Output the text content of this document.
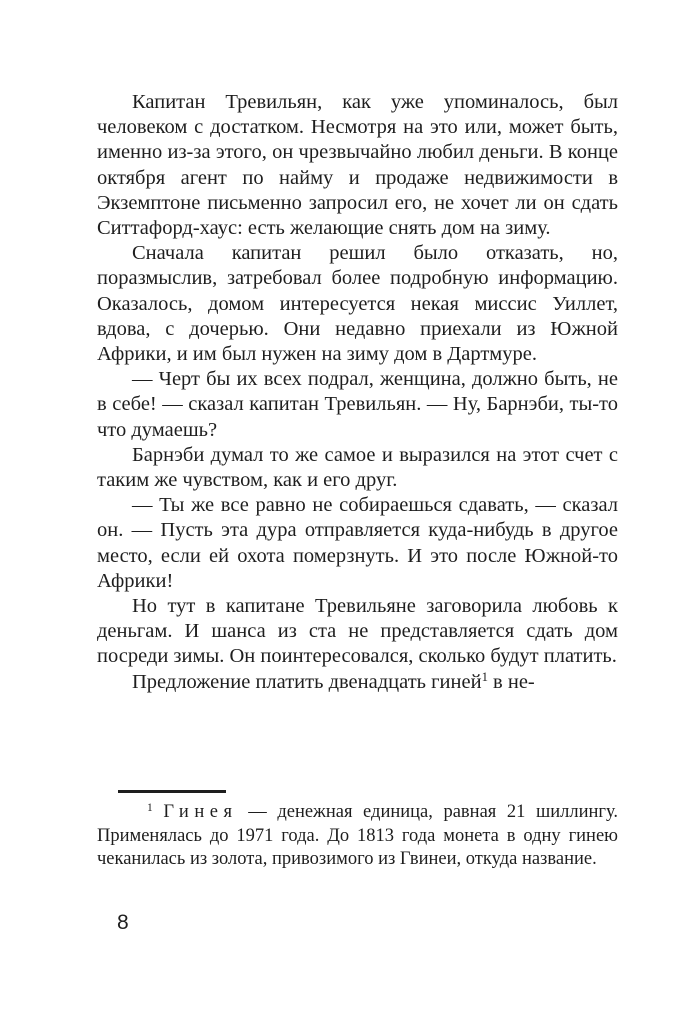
Капитан Тревильян, как уже упоминалось, был человеком с достатком. Несмотря на это или, может быть, именно из-за этого, он чрезвычайно любил деньги. В конце октября агент по найму и продаже недвижимости в Экземптоне письменно запросил его, не хочет ли он сдать Ситтафорд-хаус: есть желающие снять дом на зиму.

Сначала капитан решил было отказать, но, поразмыслив, затребовал более подробную информацию. Оказалось, домом интересуется некая миссис Уиллет, вдова, с дочерью. Они недавно приехали из Южной Африки, и им был нужен на зиму дом в Дартмуре.

— Черт бы их всех подрал, женщина, должно быть, не в себе! — сказал капитан Тревильян. — Ну, Барнэби, ты-то что думаешь?

Барнэби думал то же самое и выразился на этот счет с таким же чувством, как и его друг.

— Ты же все равно не собираешься сдавать, — сказал он. — Пусть эта дура отправляется куда-нибудь в другое место, если ей охота померзнуть. И это после Южной-то Африки!

Но тут в капитане Тревильяне заговорила любовь к деньгам. И шанса из ста не представляется сдать дом посреди зимы. Он поинтересовался, сколько будут платить.

Предложение платить двенадцать гиней$^1$ в не-

$^1$ Гинея — денежная единица, равная 21 шиллингу. Применялась до 1971 года. До 1813 года монета в одну гинею чеканилась из золота, привозимого из Гвинеи, откуда название.
8
